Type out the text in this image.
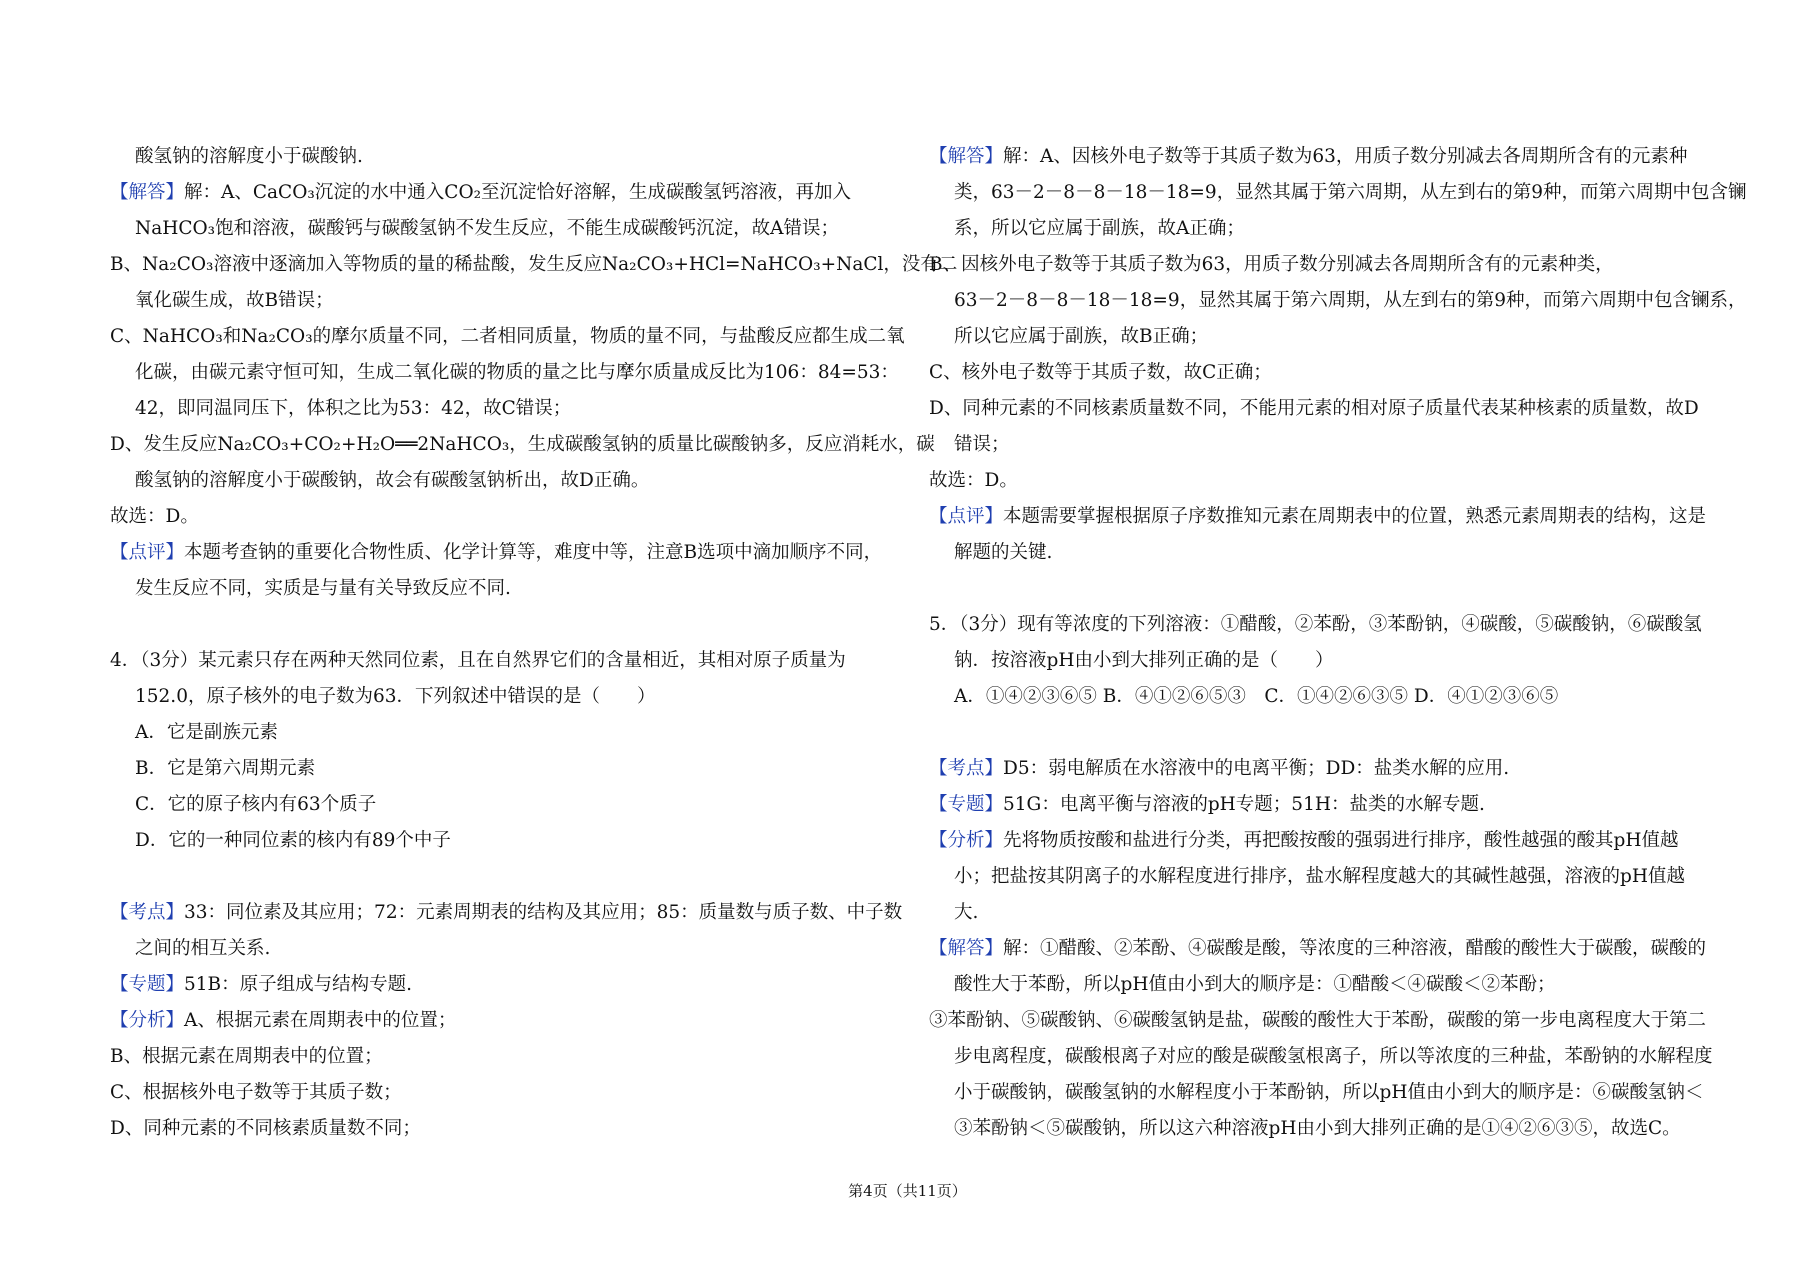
酸氢钠的溶解度小于碳酸钠.
【解答】解：A、CaCO₃沉淀的水中通入CO₂至沉淀恰好溶解，生成碳酸氢钙溶液，再加入
NaHCO₃饱和溶液，碳酸钙与碳酸氢钠不发生反应，不能生成碳酸钙沉淀，故A错误；
B、Na₂CO₃溶液中逐滴加入等物质的量的稀盐酸，发生反应Na₂CO₃+HCl=NaHCO₃+NaCl，没有二
氧化碳生成，故B错误；
C、NaHCO₃和Na₂CO₃的摩尔质量不同，二者相同质量，物质的量不同，与盐酸反应都生成二氧
化碳，由碳元素守恒可知，生成二氧化碳的物质的量之比与摩尔质量成反比为106：84=53：
42，即同温同压下，体积之比为53：42，故C错误；
D、发生反应Na₂CO₃+CO₂+H₂O══2NaHCO₃，生成碳酸氢钠的质量比碳酸钠多，反应消耗水，碳
酸氢钠的溶解度小于碳酸钠，故会有碳酸氢钠析出，故D正确。
故选：D。
【点评】本题考查钠的重要化合物性质、化学计算等，难度中等，注意B选项中滴加顺序不同，
发生反应不同，实质是与量有关导致反应不同.
4．（3分）某元素只存在两种天然同位素，且在自然界它们的含量相近，其相对原子质量为
152.0，原子核外的电子数为63．下列叙述中错误的是（　　）
A．它是副族元素
B．它是第六周期元素
C．它的原子核内有63个质子
D．它的一种同位素的核内有89个中子
【考点】33：同位素及其应用；72：元素周期表的结构及其应用；85：质量数与质子数、中子数
之间的相互关系.
【专题】51B：原子组成与结构专题.
【分析】A、根据元素在周期表中的位置；
B、根据元素在周期表中的位置；
C、根据核外电子数等于其质子数；
D、同种元素的不同核素质量数不同；
【解答】解：A、因核外电子数等于其质子数为63，用质子数分别减去各周期所含有的元素种
类，63－2－8－8－18－18=9，显然其属于第六周期，从左到右的第9种，而第六周期中包含镧
系，所以它应属于副族，故A正确；
B、因核外电子数等于其质子数为63，用质子数分别减去各周期所含有的元素种类，
63－2－8－8－18－18=9，显然其属于第六周期，从左到右的第9种，而第六周期中包含镧系，
所以它应属于副族，故B正确；
C、核外电子数等于其质子数，故C正确；
D、同种元素的不同核素质量数不同，不能用元素的相对原子质量代表某种核素的质量数，故D
错误；
故选：D。
【点评】本题需要掌握根据原子序数推知元素在周期表中的位置，熟悉元素周期表的结构，这是
解题的关键.
5．（3分）现有等浓度的下列溶液：①醋酸，②苯酚，③苯酚钠，④碳酸，⑤碳酸钠，⑥碳酸氢
钠．按溶液pH由小到大排列正确的是（　　）
A．①④②③⑥⑤ B．④①②⑥⑤③　C．①④②⑥③⑤ D．④①②③⑥⑤
【考点】D5：弱电解质在水溶液中的电离平衡；DD：盐类水解的应用.
【专题】51G：电离平衡与溶液的pH专题；51H：盐类的水解专题.
【分析】先将物质按酸和盐进行分类，再把酸按酸的强弱进行排序，酸性越强的酸其pH值越
小；把盐按其阴离子的水解程度进行排序，盐水解程度越大的其碱性越强，溶液的pH值越
大.
【解答】解：①醋酸、②苯酚、④碳酸是酸，等浓度的三种溶液，醋酸的酸性大于碳酸，碳酸的
酸性大于苯酚，所以pH值由小到大的顺序是：①醋酸＜④碳酸＜②苯酚；
③苯酚钠、⑤碳酸钠、⑥碳酸氢钠是盐，碳酸的酸性大于苯酚，碳酸的第一步电离程度大于第二
步电离程度，碳酸根离子对应的酸是碳酸氢根离子，所以等浓度的三种盐，苯酚钠的水解程度
小于碳酸钠，碳酸氢钠的水解程度小于苯酚钠，所以pH值由小到大的顺序是：⑥碳酸氢钠＜
③苯酚钠＜⑤碳酸钠，所以这六种溶液pH由小到大排列正确的是①④②⑥③⑤，故选C。
第4页（共11页）
